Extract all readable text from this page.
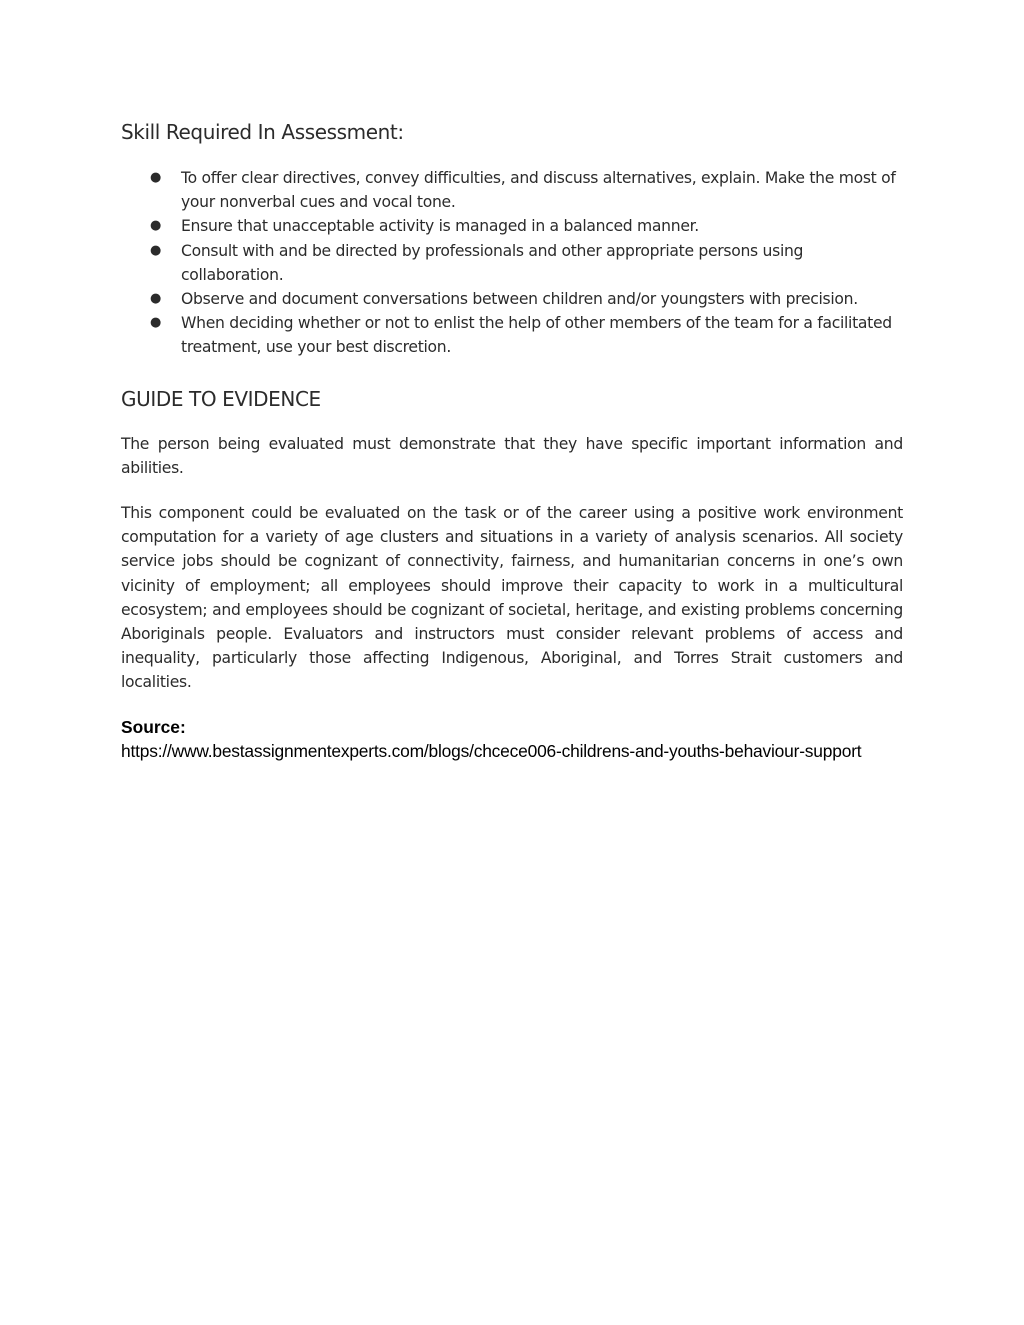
Skill Required In Assessment:
● To offer clear directives, convey difficulties, and discuss alternatives, explain. Make the most of your nonverbal cues and vocal tone.
● Ensure that unacceptable activity is managed in a balanced manner.
● Consult with and be directed by professionals and other appropriate persons using collaboration.
● Observe and document conversations between children and/or youngsters with precision.
● When deciding whether or not to enlist the help of other members of the team for a facilitated treatment, use your best discretion.
GUIDE TO EVIDENCE

The person being evaluated must demonstrate that they have specific important information and abilities.

This component could be evaluated on the task or of the career using a positive work environment computation for a variety of age clusters and situations in a variety of analysis scenarios. All society service jobs should be cognizant of connectivity, fairness, and humanitarian concerns in one’s own vicinity of employment; all employees should improve their capacity to work in a multicultural ecosystem; and employees should be cognizant of societal, heritage, and existing problems concerning Aboriginals people. Evaluators and instructors must consider relevant problems of access and inequality, particularly those affecting Indigenous, Aboriginal, and Torres Strait customers and localities.

Source:
https://www.bestassignmentexperts.com/blogs/chcece006-childrens-and-youths-behaviour-support
